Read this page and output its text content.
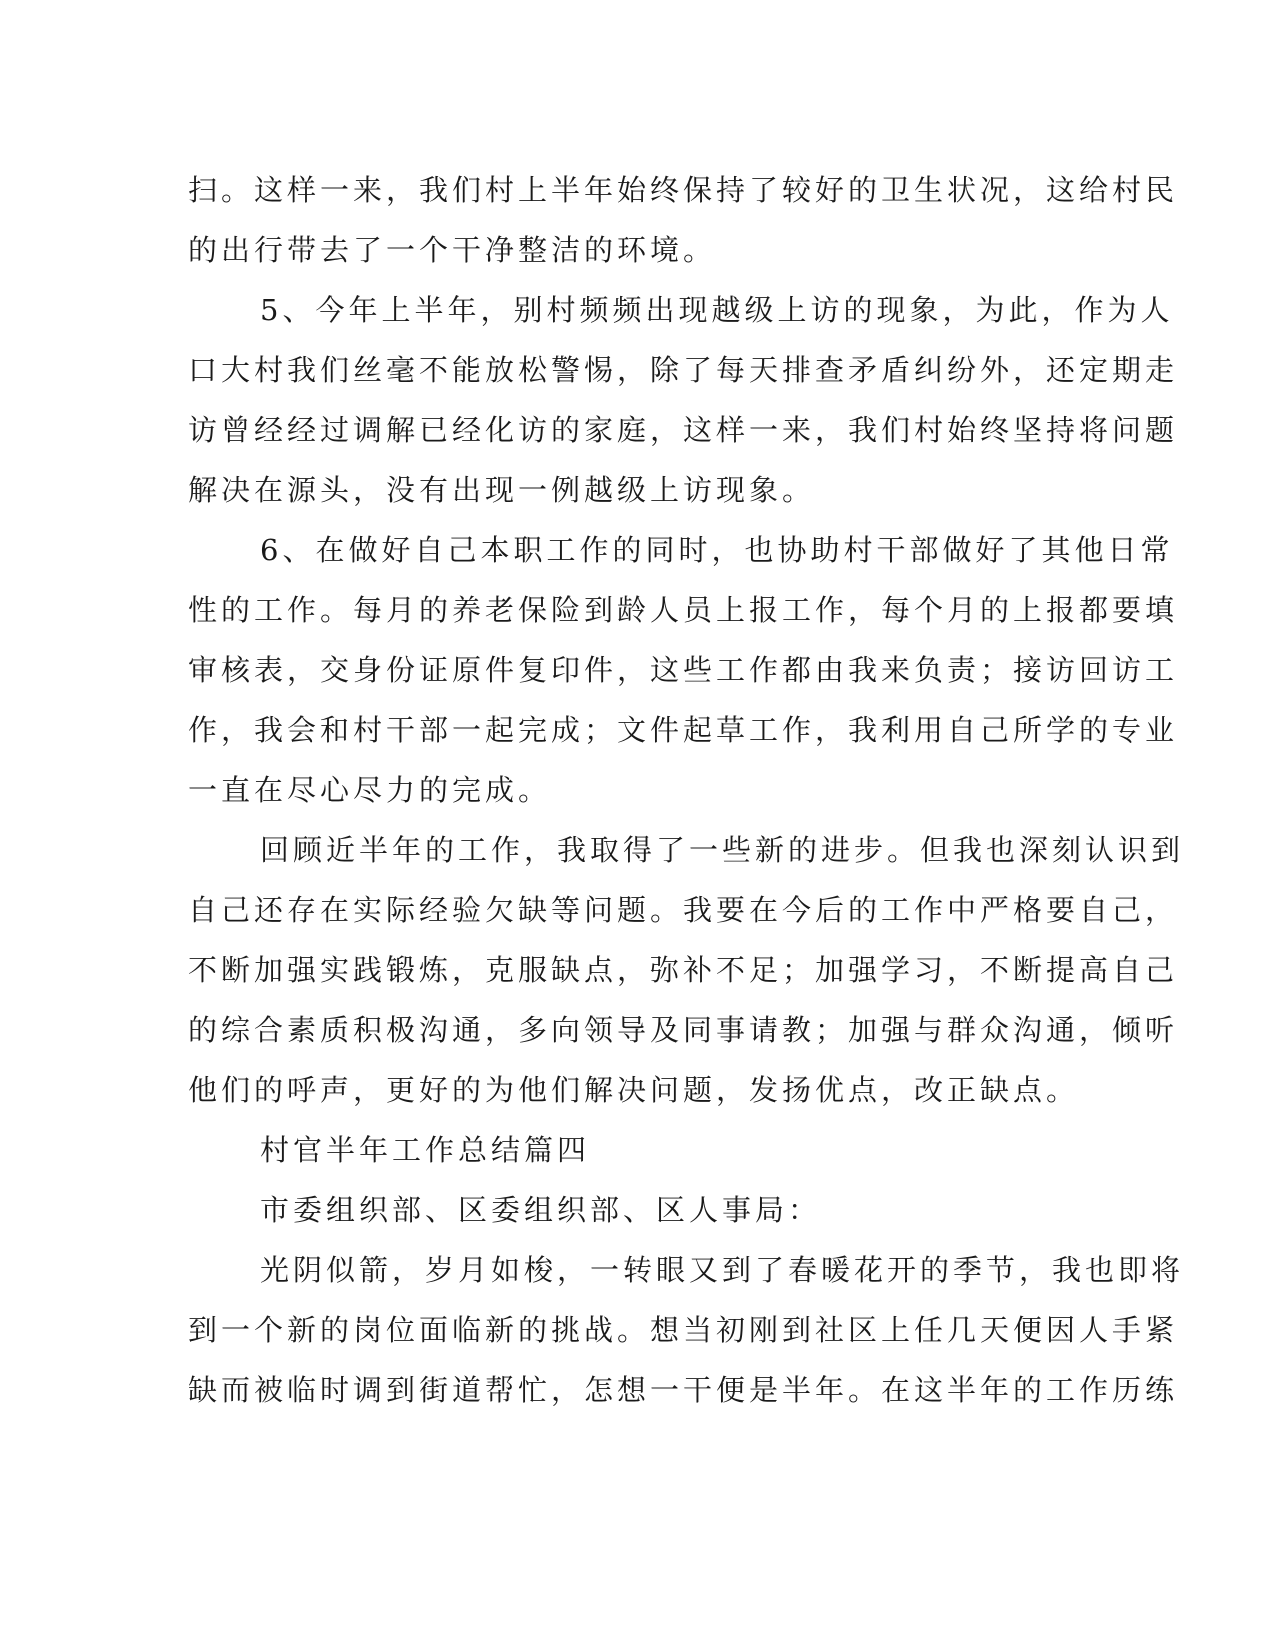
扫。这样一来，我们村上半年始终保持了较好的卫生状况，这给村民
的出行带去了一个干净整洁的环境。
5、今年上半年，别村频频出现越级上访的现象，为此，作为人
口大村我们丝毫不能放松警惕，除了每天排查矛盾纠纷外，还定期走
访曾经经过调解已经化访的家庭，这样一来，我们村始终坚持将问题
解决在源头，没有出现一例越级上访现象。
6、在做好自己本职工作的同时，也协助村干部做好了其他日常
性的工作。每月的养老保险到龄人员上报工作，每个月的上报都要填
审核表，交身份证原件复印件，这些工作都由我来负责；接访回访工
作，我会和村干部一起完成；文件起草工作，我利用自己所学的专业
一直在尽心尽力的完成。
回顾近半年的工作，我取得了一些新的进步。但我也深刻认识到
自己还存在实际经验欠缺等问题。我要在今后的工作中严格要自己，
不断加强实践锻炼，克服缺点，弥补不足；加强学习，不断提高自己
的综合素质积极沟通，多向领导及同事请教；加强与群众沟通，倾听
他们的呼声，更好的为他们解决问题，发扬优点，改正缺点。
村官半年工作总结篇四
市委组织部、区委组织部、区人事局：
光阴似箭，岁月如梭，一转眼又到了春暖花开的季节，我也即将
到一个新的岗位面临新的挑战。想当初刚到社区上任几天便因人手紧
缺而被临时调到街道帮忙，怎想一干便是半年。在这半年的工作历练
